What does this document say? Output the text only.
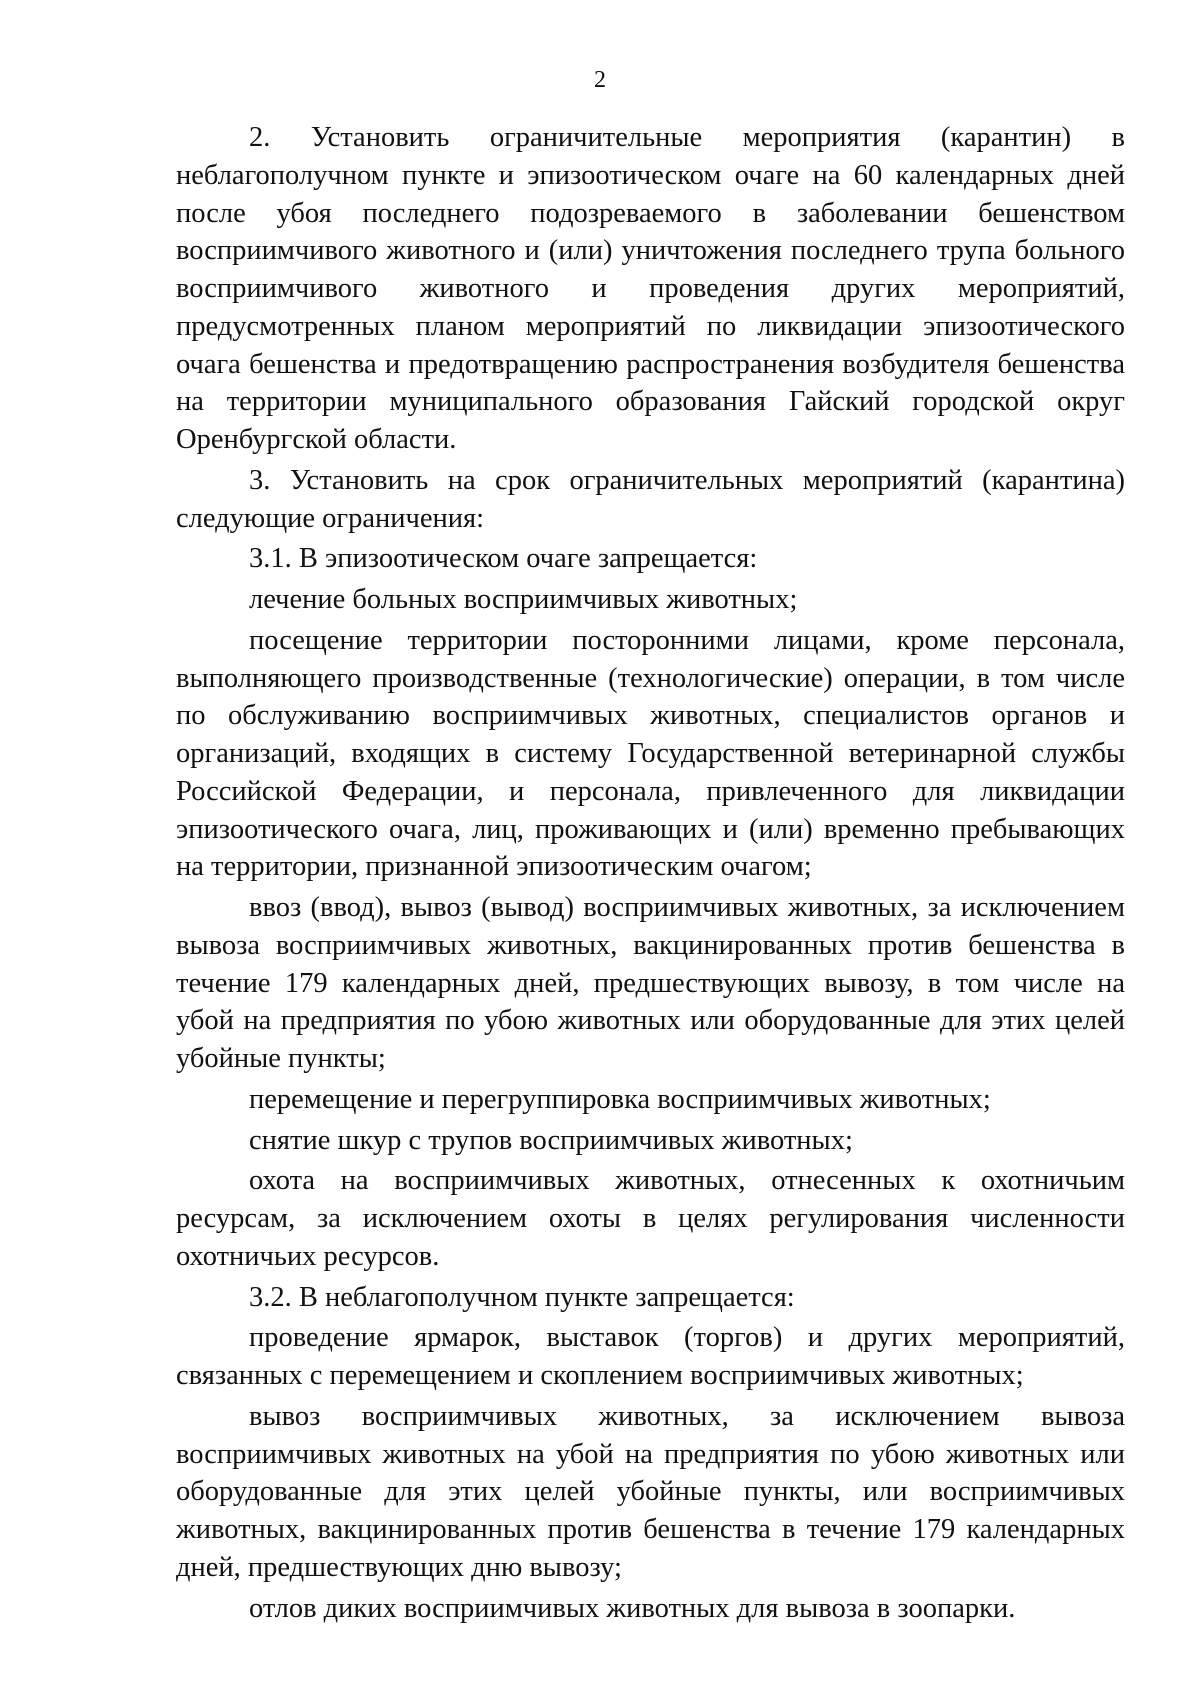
2

2. Установить ограничительные мероприятия (карантин) в неблагополучном пункте и эпизоотическом очаге на 60 календарных дней после убоя последнего подозреваемого в заболевании бешенством восприимчивого животного и (или) уничтожения последнего трупа больного восприимчивого животного и проведения других мероприятий, предусмотренных планом мероприятий по ликвидации эпизоотического очага бешенства и предотвращению распространения возбудителя бешенства на территории муниципального образования Гайский городской округ Оренбургской области.

3. Установить на срок ограничительных мероприятий (карантина) следующие ограничения:

3.1. В эпизоотическом очаге запрещается:

лечение больных восприимчивых животных;

посещение территории посторонними лицами, кроме персонала, выполняющего производственные (технологические) операции, в том числе по обслуживанию восприимчивых животных, специалистов органов и организаций, входящих в систему Государственной ветеринарной службы Российской Федерации, и персонала, привлеченного для ликвидации эпизоотического очага, лиц, проживающих и (или) временно пребывающих на территории, признанной эпизоотическим очагом;

ввоз (ввод), вывоз (вывод) восприимчивых животных, за исключением вывоза восприимчивых животных, вакцинированных против бешенства в течение 179 календарных дней, предшествующих вывозу, в том числе на убой на предприятия по убою животных или оборудованные для этих целей убойные пункты;

перемещение и перегруппировка восприимчивых животных;

снятие шкур с трупов восприимчивых животных;

охота на восприимчивых животных, отнесенных к охотничьим ресурсам, за исключением охоты в целях регулирования численности охотничьих ресурсов.

3.2. В неблагополучном пункте запрещается:

проведение ярмарок, выставок (торгов) и других мероприятий, связанных с перемещением и скоплением восприимчивых животных;

вывоз восприимчивых животных, за исключением вывоза восприимчивых животных на убой на предприятия по убою животных или оборудованные для этих целей убойные пункты, или восприимчивых животных, вакцинированных против бешенства в течение 179 календарных дней, предшествующих дню вывозу;

отлов диких восприимчивых животных для вывоза в зоопарки.
